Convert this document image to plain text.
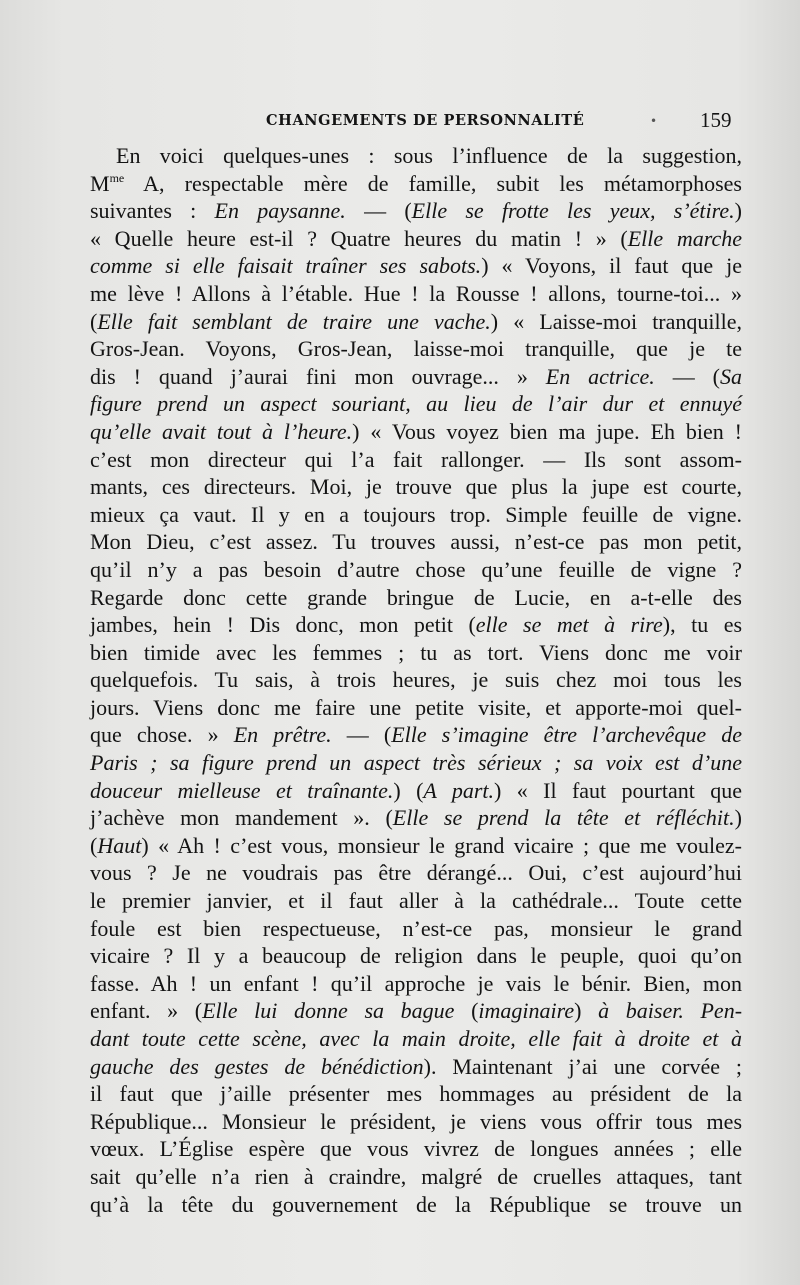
CHANGEMENTS DE PERSONNALITÉ	• 159
En voici quelques-unes : sous l’influence de la suggestion,
$M^{me}$ A, respectable mère de famille, subit les métamorphoses
suivantes : En paysanne. — (Elle se frotte les yeux, s’étire.)
« Quelle heure est-il ? Quatre heures du matin ! » (Elle marche
comme si elle faisait traîner ses sabots.) « Voyons, il faut que je
me lève ! Allons à l’étable. Hue ! la Rousse ! allons, tourne-toi... »
(Elle fait semblant de traire une vache.) « Laisse-moi tranquille,
Gros-Jean. Voyons, Gros-Jean, laisse-moi tranquille, que je te
dis ! quand j’aurai fini mon ouvrage... » En actrice. — (Sa
figure prend un aspect souriant, au lieu de l’air dur et ennuyé
qu’elle avait tout à l’heure.) « Vous voyez bien ma jupe. Eh bien !
c’est mon directeur qui l’a fait rallonger. — Ils sont assom-
mants, ces directeurs. Moi, je trouve que plus la jupe est courte,
mieux ça vaut. Il y en a toujours trop. Simple feuille de vigne.
Mon Dieu, c’est assez. Tu trouves aussi, n’est-ce pas mon petit,
qu’il n’y a pas besoin d’autre chose qu’une feuille de vigne ?
Regarde donc cette grande bringue de Lucie, en a-t-elle des
jambes, hein ! Dis donc, mon petit (elle se met à rire), tu es
bien timide avec les femmes ; tu as tort. Viens donc me voir
quelquefois. Tu sais, à trois heures, je suis chez moi tous les
jours. Viens donc me faire une petite visite, et apporte-moi quel-
que chose. » En prêtre. — (Elle s’imagine être l’archevêque de
Paris ; sa figure prend un aspect très sérieux ; sa voix est d’une
douceur mielleuse et traînante.) (A part.) « Il faut pourtant que
j’achève mon mandement ». (Elle se prend la tête et réfléchit.)
(Haut) « Ah ! c’est vous, monsieur le grand vicaire ; que me voulez-
vous ? Je ne voudrais pas être dérangé... Oui, c’est aujourd’hui
le premier janvier, et il faut aller à la cathédrale... Toute cette
foule est bien respectueuse, n’est-ce pas, monsieur le grand
vicaire ? Il y a beaucoup de religion dans le peuple, quoi qu’on
fasse. Ah ! un enfant ! qu’il approche je vais le bénir. Bien, mon
enfant. » (Elle lui donne sa bague (imaginaire) à baiser. Pen-
dant toute cette scène, avec la main droite, elle fait à droite et à
gauche des gestes de bénédiction). Maintenant j’ai une corvée ;
il faut que j’aille présenter mes hommages au président de la
République... Monsieur le président, je viens vous offrir tous mes
vœux. L’Église espère que vous vivrez de longues années ; elle
sait qu’elle n’a rien à craindre, malgré de cruelles attaques, tant
qu’à la tête du gouvernement de la République se trouve un
